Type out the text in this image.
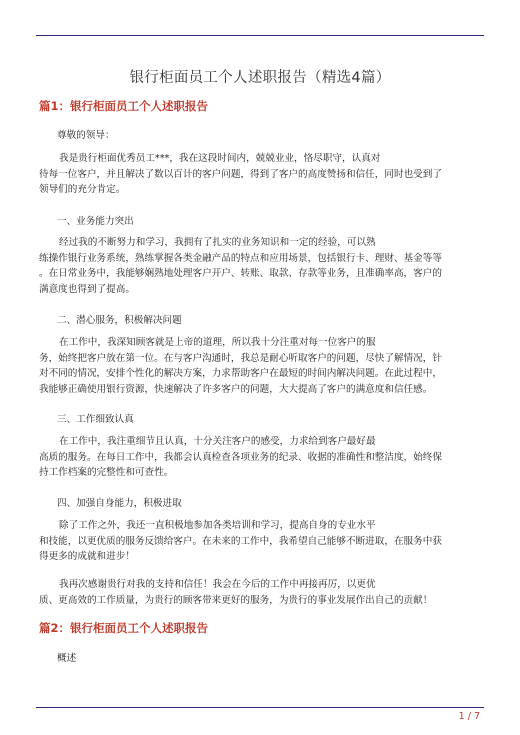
银行柜面员工个人述职报告（精选4篇）
篇1：银行柜面员工个人述职报告
尊敬的领导：
我是贵行柜面优秀员工***，我在这段时间内，兢兢业业，恪尽职守，认真对
待每一位客户，并且解决了数以百计的客户问题，得到了客户的高度赞扬和信任，同时也受到了
领导们的充分肯定。
一、业务能力突出
经过我的不断努力和学习，我拥有了扎实的业务知识和一定的经验，可以熟
练操作银行业务系统，熟练掌握各类金融产品的特点和应用场景，包括银行卡、理财、基金等等
。在日常业务中，我能够娴熟地处理客户开户、转账、取款、存款等业务，且准确率高，客户的
满意度也得到了提高。
二、潜心服务，积极解决问题
在工作中，我深知顾客就是上帝的道理，所以我十分注重对每一位客户的服
务，始终把客户放在第一位。在与客户沟通时，我总是耐心听取客户的问题，尽快了解情况，针
对不同的情况，安排个性化的解决方案，力求帮助客户在最短的时间内解决问题。在此过程中，
我能够正确使用银行资源，快速解决了许多客户的问题，大大提高了客户的满意度和信任感。
三、工作细致认真
在工作中，我注重细节且认真，十分关注客户的感受，力求给到客户最好最
高质的服务。在每日工作中，我都会认真检查各项业务的纪录、收据的准确性和整洁度，始终保
持工作档案的完整性和可查性。
四、加强自身能力，积极进取
除了工作之外，我还一直积极地参加各类培训和学习，提高自身的专业水平
和技能，以更优质的服务反馈给客户。在未来的工作中，我希望自己能够不断进取，在服务中获
得更多的成就和进步！
我再次感谢贵行对我的支持和信任！我会在今后的工作中再接再厉，以更优
质、更高效的工作质量，为贵行的顾客带来更好的服务，为贵行的事业发展作出自己的贡献！
篇2：银行柜面员工个人述职报告
概述
1 / 7
